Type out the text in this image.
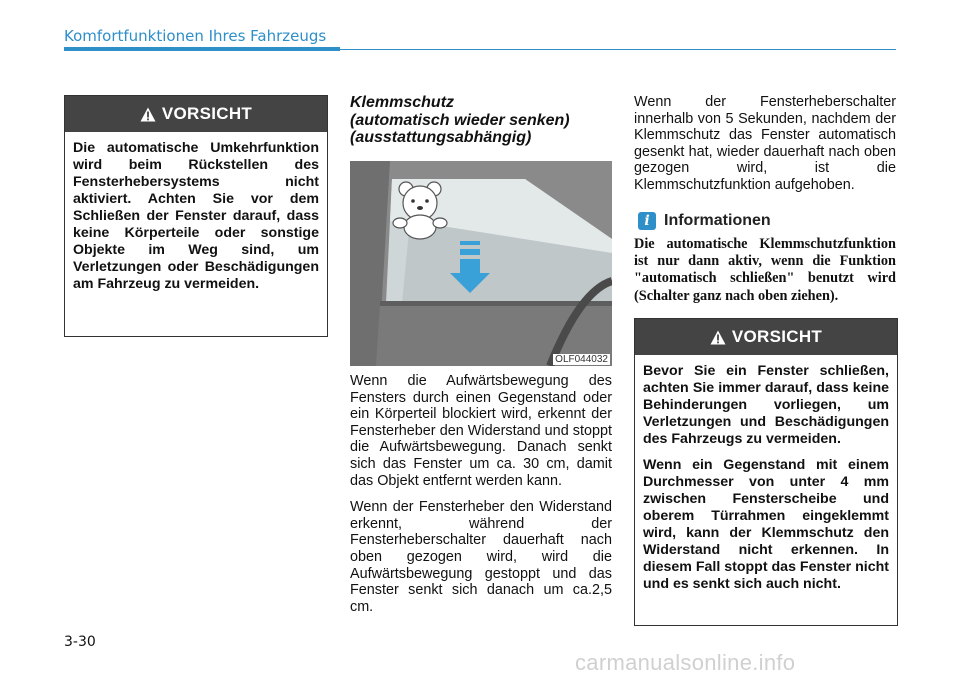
Komfortfunktionen Ihres Fahrzeugs
VORSICHT

Die automatische Umkehrfunktion wird beim Rückstellen des Fensterhebersystems nicht aktiviert. Achten Sie vor dem Schließen der Fenster darauf, dass keine Körperteile oder sonstige Objekte im Weg sind, um Verletzungen oder Beschädigungen am Fahrzeug zu vermeiden.

Klemmschutz
(automatisch wieder senken)
(ausstattungsabhängig)
OLF044032

Wenn die Aufwärtsbewegung des Fensters durch einen Gegenstand oder ein Körperteil blockiert wird, erkennt der Fensterheber den Widerstand und stoppt die Aufwärtsbewegung. Danach senkt sich das Fenster um ca. 30 cm, damit das Objekt entfernt werden kann.

Wenn der Fensterheber den Widerstand erkennt, während der Fensterheberschalter dauerhaft nach oben gezogen wird, wird die Aufwärtsbewegung gestoppt und das Fenster senkt sich danach um ca.2,5 cm.

Wenn der Fensterheberschalter innerhalb von 5 Sekunden, nachdem der Klemmschutz das Fenster automatisch gesenkt hat, wieder dauerhaft nach oben gezogen wird, ist die Klemmschutzfunktion aufgehoben.

i Informationen
Die automatische Klemmschutzfunktion ist nur dann aktiv, wenn die Funktion "automatisch schließen" benutzt wird (Schalter ganz nach oben ziehen).
VORSICHT

Bevor Sie ein Fenster schließen, achten Sie immer darauf, dass keine Behinderungen vorliegen, um Verletzungen und Beschädigungen des Fahrzeugs zu vermeiden.

Wenn ein Gegenstand mit einem Durchmesser von unter 4 mm zwischen Fensterscheibe und oberem Türrahmen eingeklemmt wird, kann der Klemmschutz den Widerstand nicht erkennen. In diesem Fall stoppt das Fenster nicht und es senkt sich auch nicht.

3-30
carmanualsonline.info
